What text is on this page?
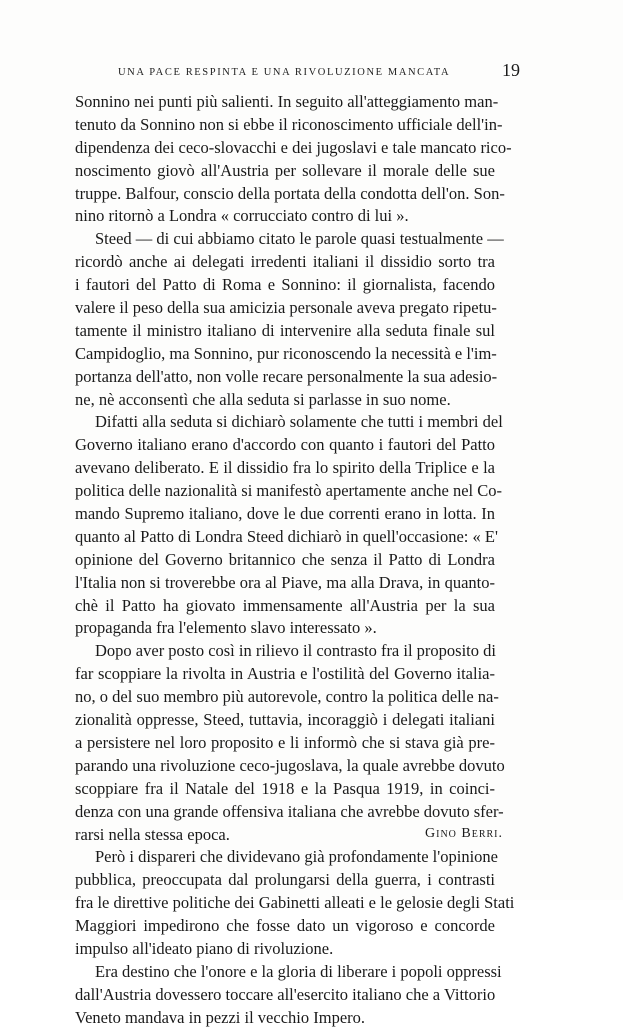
UNA PACE RESPINTA E UNA RIVOLUZIONE MANCATA	19
Sonnino nei punti più salienti. In seguito all'atteggiamento man-
tenuto da Sonnino non si ebbe il riconoscimento ufficiale dell'in-
dipendenza dei ceco-slovacchi e dei jugoslavi e tale mancato rico-
noscimento giovò all'Austria per sollevare il morale delle sue
truppe. Balfour, conscio della portata della condotta dell'on. Son-
nino ritornò a Londra « corrucciato contro di lui ».
Steed — di cui abbiamo citato le parole quasi testualmente —
ricordò anche ai delegati irredenti italiani il dissidio sorto tra
i fautori del Patto di Roma e Sonnino: il giornalista, facendo
valere il peso della sua amicizia personale aveva pregato ripetu-
tamente il ministro italiano di intervenire alla seduta finale sul
Campidoglio, ma Sonnino, pur riconoscendo la necessità e l'im-
portanza dell'atto, non volle recare personalmente la sua adesio-
ne, nè acconsentì che alla seduta si parlasse in suo nome.
Difatti alla seduta si dichiarò solamente che tutti i membri del
Governo italiano erano d'accordo con quanto i fautori del Patto
avevano deliberato. E il dissidio fra lo spirito della Triplice e la
politica delle nazionalità si manifestò apertamente anche nel Co-
mando Supremo italiano, dove le due correnti erano in lotta. In
quanto al Patto di Londra Steed dichiarò in quell'occasione: « E'
opinione del Governo britannico che senza il Patto di Londra
l'Italia non si troverebbe ora al Piave, ma alla Drava, in quanto-
chè il Patto ha giovato immensamente all'Austria per la sua
propaganda fra l'elemento slavo interessato ».
Dopo aver posto così in rilievo il contrasto fra il proposito di
far scoppiare la rivolta in Austria e l'ostilità del Governo italia-
no, o del suo membro più autorevole, contro la politica delle na-
zionalità oppresse, Steed, tuttavia, incoraggiò i delegati italiani
a persistere nel loro proposito e li informò che si stava già pre-
parando una rivoluzione ceco-jugoslava, la quale avrebbe dovuto
scoppiare fra il Natale del 1918 e la Pasqua 1919, in coinci-
denza con una grande offensiva italiana che avrebbe dovuto sfer-
rarsi nella stessa epoca.
Però i dispareri che dividevano già profondamente l'opinione
pubblica, preoccupata dal prolungarsi della guerra, i contrasti
fra le direttive politiche dei Gabinetti alleati e le gelosie degli Stati
Maggiori impedirono che fosse dato un vigoroso e concorde
impulso all'ideato piano di rivoluzione.
Era destino che l'onore e la gloria di liberare i popoli oppressi
dall'Austria dovessero toccare all'esercito italiano che a Vittorio
Veneto mandava in pezzi il vecchio Impero.
Gino Berri.
